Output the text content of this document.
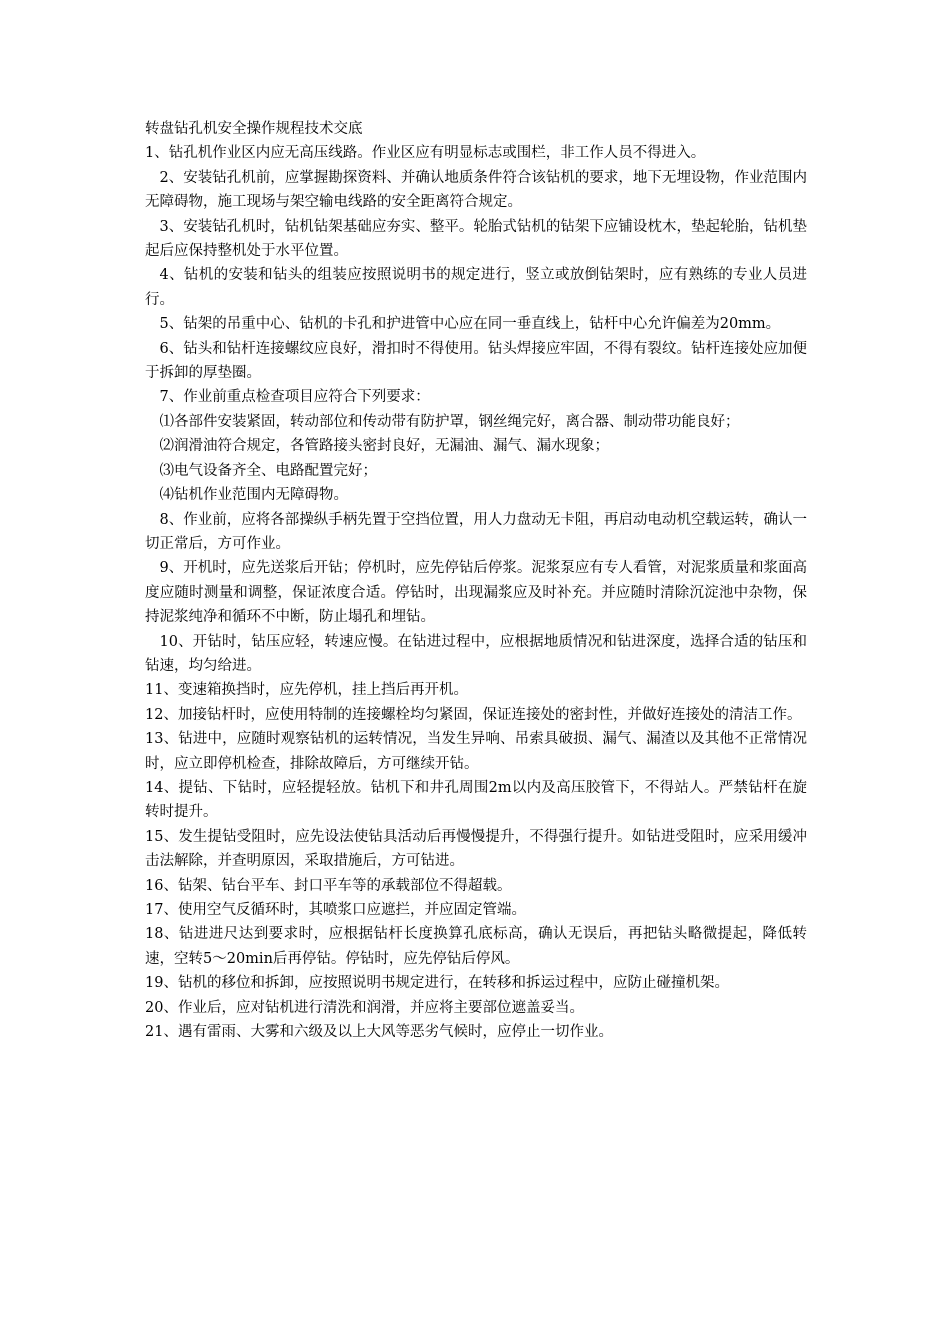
转盘钻孔机安全操作规程技术交底

1、钻孔机作业区内应无高压线路。作业区应有明显标志或围栏，非工作人员不得进入。

2、安装钻孔机前，应掌握勘探资料、并确认地质条件符合该钻机的要求，地下无埋设物，作业范围内无障碍物，施工现场与架空输电线路的安全距离符合规定。

3、安装钻孔机时，钻机钻架基础应夯实、整平。轮胎式钻机的钻架下应铺设枕木，垫起轮胎，钻机垫起后应保持整机处于水平位置。

4、钻机的安装和钻头的组装应按照说明书的规定进行，竖立或放倒钻架时，应有熟练的专业人员进行。

5、钻架的吊重中心、钻机的卡孔和护进管中心应在同一垂直线上，钻杆中心允许偏差为20mm。

6、钻头和钻杆连接螺纹应良好，滑扣时不得使用。钻头焊接应牢固，不得有裂纹。钻杆连接处应加便于拆卸的厚垫圈。

7、作业前重点检查项目应符合下列要求：

⑴各部件安装紧固，转动部位和传动带有防护罩，钢丝绳完好，离合器、制动带功能良好；

⑵润滑油符合规定，各管路接头密封良好，无漏油、漏气、漏水现象；

⑶电气设备齐全、电路配置完好；

⑷钻机作业范围内无障碍物。

8、作业前，应将各部操纵手柄先置于空挡位置，用人力盘动无卡阻，再启动电动机空载运转，确认一切正常后，方可作业。

9、开机时，应先送浆后开钻；停机时，应先停钻后停浆。泥浆泵应有专人看管，对泥浆质量和浆面高度应随时测量和调整，保证浓度合适。停钻时，出现漏浆应及时补充。并应随时清除沉淀池中杂物，保持泥浆纯净和循环不中断，防止塌孔和埋钻。

10、开钻时，钻压应轻，转速应慢。在钻进过程中，应根据地质情况和钻进深度，选择合适的钻压和钻速，均匀给进。

11、变速箱换挡时，应先停机，挂上挡后再开机。

12、加接钻杆时，应使用特制的连接螺栓均匀紧固，保证连接处的密封性，并做好连接处的清洁工作。

13、钻进中，应随时观察钻机的运转情况，当发生异响、吊索具破损、漏气、漏渣以及其他不正常情况时，应立即停机检查，排除故障后，方可继续开钻。

14、提钻、下钻时，应轻提轻放。钻机下和井孔周围2m以内及高压胶管下，不得站人。严禁钻杆在旋转时提升。

15、发生提钻受阻时，应先设法使钻具活动后再慢慢提升，不得强行提升。如钻进受阻时，应采用缓冲击法解除，并查明原因，采取措施后，方可钻进。

16、钻架、钻台平车、封口平车等的承载部位不得超载。

17、使用空气反循环时，其喷浆口应遮拦，并应固定管端。

18、钻进进尺达到要求时，应根据钻杆长度换算孔底标高，确认无误后，再把钻头略微提起，降低转速，空转5～20min后再停钻。停钻时，应先停钻后停风。

19、钻机的移位和拆卸，应按照说明书规定进行，在转移和拆运过程中，应防止碰撞机架。

20、作业后，应对钻机进行清洗和润滑，并应将主要部位遮盖妥当。

21、遇有雷雨、大雾和六级及以上大风等恶劣气候时，应停止一切作业。
